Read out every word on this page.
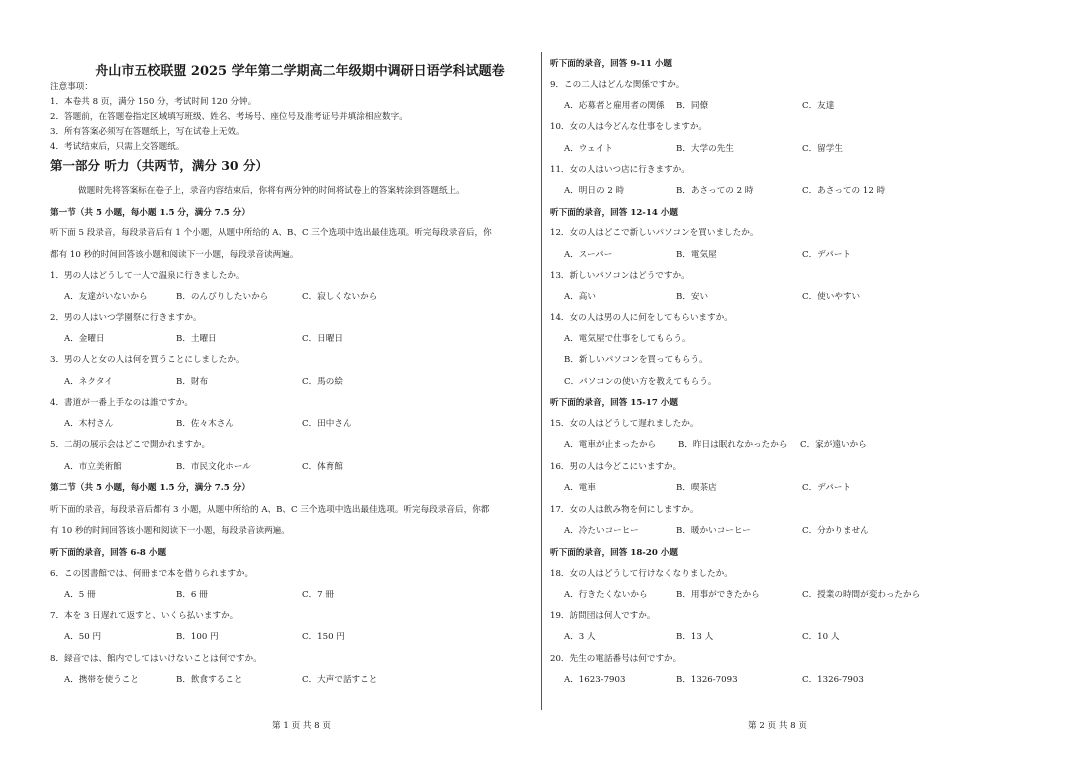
舟山市五校联盟 2025 学年第二学期高二年级期中调研日语学科试题卷
注意事项：
1．本卷共 8 页，满分 150 分，考试时间 120 分钟。
2．答题前，在答题卷指定区域填写班级、姓名、考场号、座位号及准考证号并填涂相应数字。
3．所有答案必须写在答题纸上，写在试卷上无效。
4．考试结束后，只需上交答题纸。
第一部分 听力（共两节，满分 30 分）
做题时先将答案标在卷子上，录音内容结束后，你将有两分钟的时间将试卷上的答案转涂到答题纸上。
第一节（共 5 小题，每小题 1.5 分，满分 7.5 分）
听下面 5 段录音，每段录音后有 1 个小题，从题中所给的 A、B、C 三个选项中选出最佳选项。听完每段录音后，你
都有 10 秒的时间回答该小题和阅读下一小题，每段录音读两遍。
1．男の人はどうして一人で温泉に行きましたか。
A．友達がいないから	B．のんびりしたいから	C．寂しくないから
2．男の人はいつ学園祭に行きますか。
A．金曜日	B．土曜日	C．日曜日
3．男の人と女の人は何を買うことにしましたか。
A．ネクタイ	B．財布	C．馬の絵
4．書道が一番上手なのは誰ですか。
A．木村さん	B．佐々木さん	C．田中さん
5．二胡の展示会はどこで開かれますか。
A．市立美術館	B．市民文化ホール	C．体育館
第二节（共 5 小题，每小题 1.5 分，满分 7.5 分）
听下面的录音，每段录音后都有 3 小题，从题中所给的 A、B、C 三个选项中选出最佳选项。听完每段录音后，你都
有 10 秒的时间回答该小题和阅读下一小题，每段录音读两遍。
听下面的录音，回答 6-8 小题
6．この図書館では、何冊まで本を借りられますか。
A．5 冊	B．6 冊	C．7 冊
7．本を 3 日遅れて返すと、いくら払いますか。
A．50 円	B．100 円	C．150 円
8．録音では、館内でしてはいけないことは何ですか。
A．携帯を使うこと	B．飲食すること	C．大声で話すこと
第 1 页 共 8 页
听下面的录音，回答 9-11 小题
9．この二人はどんな関係ですか。
A．応募者と雇用者の関係 B．同僚	C．友達
10．女の人は今どんな仕事をしますか。
A．ウェイト	B．大学の先生	C．留学生
11．女の人はいつ店に行きますか。
A．明日の 2 時	B．あさっての 2 時	C．あさっての 12 時
听下面的录音，回答 12-14 小题
12．女の人はどこで新しいパソコンを買いましたか。
A．スーパー	B．電気屋	C．デパート
13．新しいパソコンはどうですか。
A．高い	B．安い	C．使いやすい
14．女の人は男の人に何をしてもらいますか。
A．電気屋で仕事をしてもらう。
B．新しいパソコンを買ってもらう。
C．パソコンの使い方を教えてもらう。
听下面的录音，回答 15-17 小题
15．女の人はどうして遅れましたか。
A．電車が止まったから	B．昨日は眠れなかったから C．家が遠いから
16．男の人は今どこにいますか。
A．電車	B．喫茶店	C．デパート
17．女の人は飲み物を何にしますか。
A．冷たいコーヒー	B．暖かいコーヒー	C．分かりません
听下面的录音，回答 18-20 小题
18．女の人はどうして行けなくなりましたか。
A．行きたくないから	B．用事ができたから	C．授業の時間が変わったから
19．訪問団は何人ですか。
A．3 人	B．13 人	C．10 人
20．先生の電話番号は何ですか。
A．1623-7903	B．1326-7093	C．1326-7903
第 2 页 共 8 页
